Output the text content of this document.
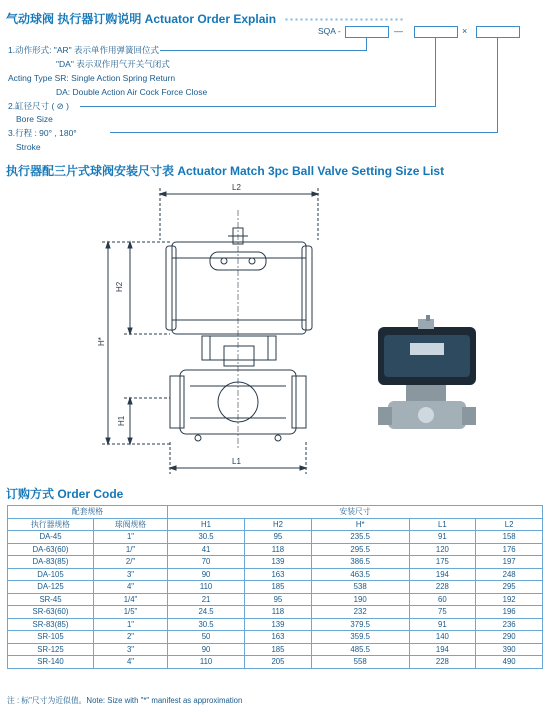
气动球阀 执行器订购说明 Actuator Order Explain
SQA -	—	×
1.动作形式: "AR" 表示单作用弹簧回位式
"DA" 表示双作用气开关气闭式
Acting Type SR: Single Action Spring Return
DA: Double Action Air Cock Force Close
2.缸径尺寸 ( ⊘ )
Bore Size
3.行程 : 90° , 180°
Stroke
执行器配三片式球阀安装尺寸表 Actuator Match 3pc Ball Valve Setting Size List
L2
L1
H2
H*
H1
订购方式 Order Code
配套规格		安装尺寸				
执行器规格	球阀规格	H1	H2	H*	L1	L2
DA-45	1"	30.5	95	235.5	91	158
DA-63(60)	1/"	41	118	295.5	120	176
DA-83(85)	2/"	70	139	386.5	175	197
DA-105	3"	90	163	463.5	194	248
DA-125	4"	110	185	538	228	295
SR-45	1/4"	21	95	190	60	192
SR-63(60)	1/5"	24.5	118	232	75	196
SR-83(85)	1"	30.5	139	379.5	91	236
SR-105	2"	50	163	359.5	140	290
SR-125	3"	90	185	485.5	194	390
SR-140	4"	110	205	558	228	490
注 : 标"尺寸为近似值。Note: Size with "*" manifest as approximation
